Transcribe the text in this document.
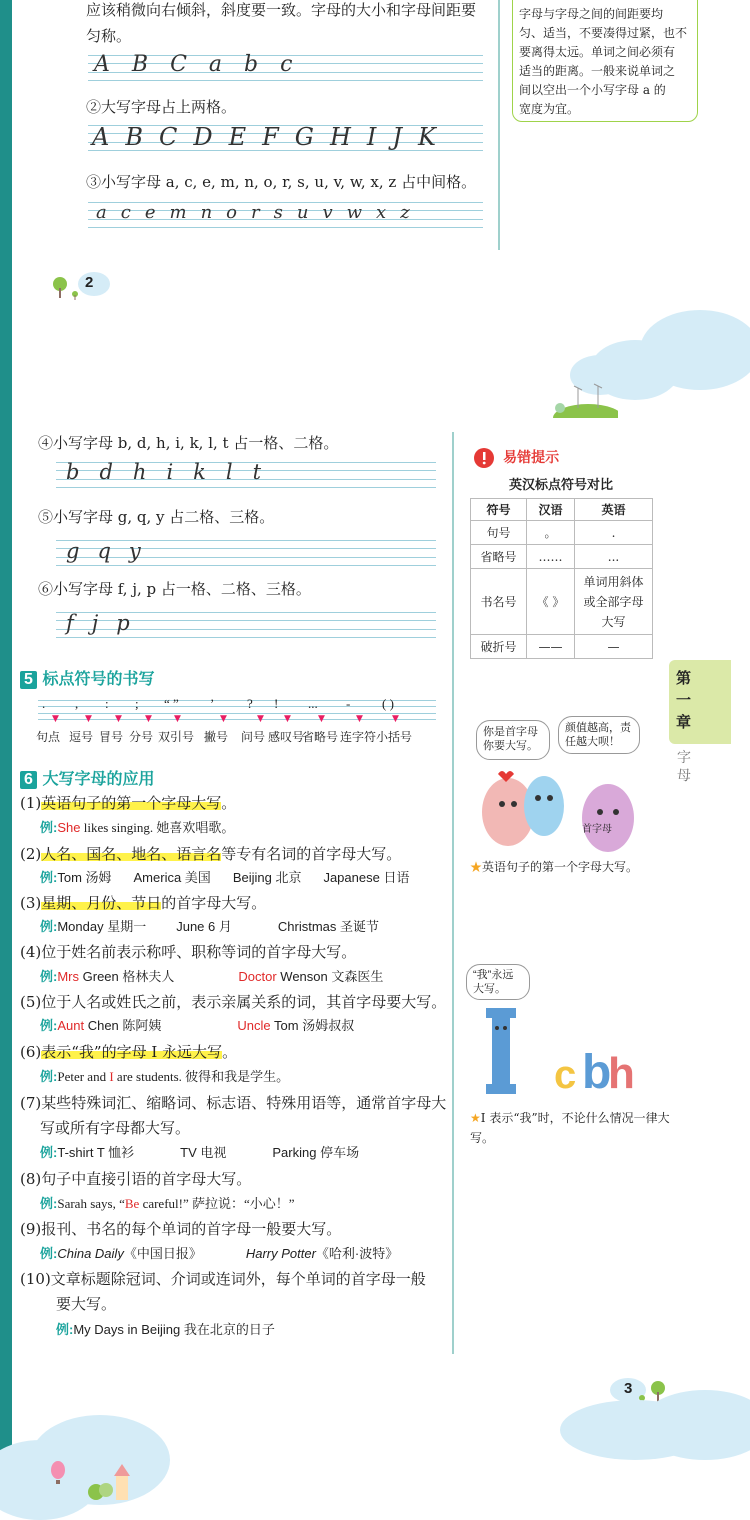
应该稍微向右倾斜，斜度要一致。字母的大小和字母间距要
匀称。
A B C a b c
②大写字母占上两格。
A B C D E F G H I J K
③小写字母 a, c, e, m, n, o, r, s, u, v, w, x, z 占中间格。
a c e m n o r s u v w x z
字母与字母之间的间距要均
匀、适当，不要凑得过紧，也不
要离得太远。单词之间必须有
适当的距离。一般来说单词之
间以空出一个小写字母 a 的
宽度为宜。
2
④小写字母 b, d, h, i, k, l, t 占一格、二格。
b d h i k l t
⑤小写字母 g, q, y 占二格、三格。
g q y
⑥小写字母 f, j, p 占一格、二格、三格。
f j p
5 标点符号的书写
.
▼
句点
,
▼
逗号
:
▼
冒号
;
▼
分号
“ ”
▼
双引号
’
▼
撇号
?
▼
问号
!
▼
感叹号
...
▼
省略号
-
▼
连字符
( )
▼
小括号
6 大写字母的应用
(1)英语句子的第一个字母大写。
例:She likes singing. 她喜欢唱歌。
(2)人名、国名、地名、语言名等专有名词的首字母大写。
例:Tom 汤姆 America 美国 Beijing 北京 Japanese 日语
(3)星期、月份、节日的首字母大写。
例:Monday 星期一 June 6 月	Christmas 圣诞节
(4)位于姓名前表示称呼、职称等词的首字母大写。
例:Mrs Green 格林夫人	Doctor Wenson 文森医生
(5)位于人名或姓氏之前，表示亲属关系的词，其首字母要大写。
例:Aunt Chen 陈阿姨	Uncle Tom 汤姆叔叔
(6)表示“我”的字母 I 永远大写。
例:Peter and I are students. 彼得和我是学生。
(7)某些特殊词汇、缩略词、标志语、特殊用语等，通常首字母大
写或所有字母都大写。
例:T-shirt T 恤衫	TV 电视	Parking 停车场
(8)句子中直接引语的首字母大写。
例:Sarah says, “Be careful!” 萨拉说：“小心！”
(9)报刊、书名的每个单词的首字母一般要大写。
例:China Daily《中国日报》	Harry Potter《哈利·波特》
(10)文章标题除冠词、介词或连词外，每个单词的首字母一般
要大写。
例:My Days in Beijing 我在北京的日子
易错提示
英汉标点符号对比
符号	汉语	英语
句号	。	.
省略号	……	...
书名号	《 》	单词用斜体或全部字母大写
破折号	——	—
第
一
章
字
母
你是首字母你要大写。
颜值越高，责任越大呗！
首字母
★英语句子的第一个字母大写。
“我”永远大写。
c b
h
★I 表示“我”时，不论什么情况一律大写。
3
